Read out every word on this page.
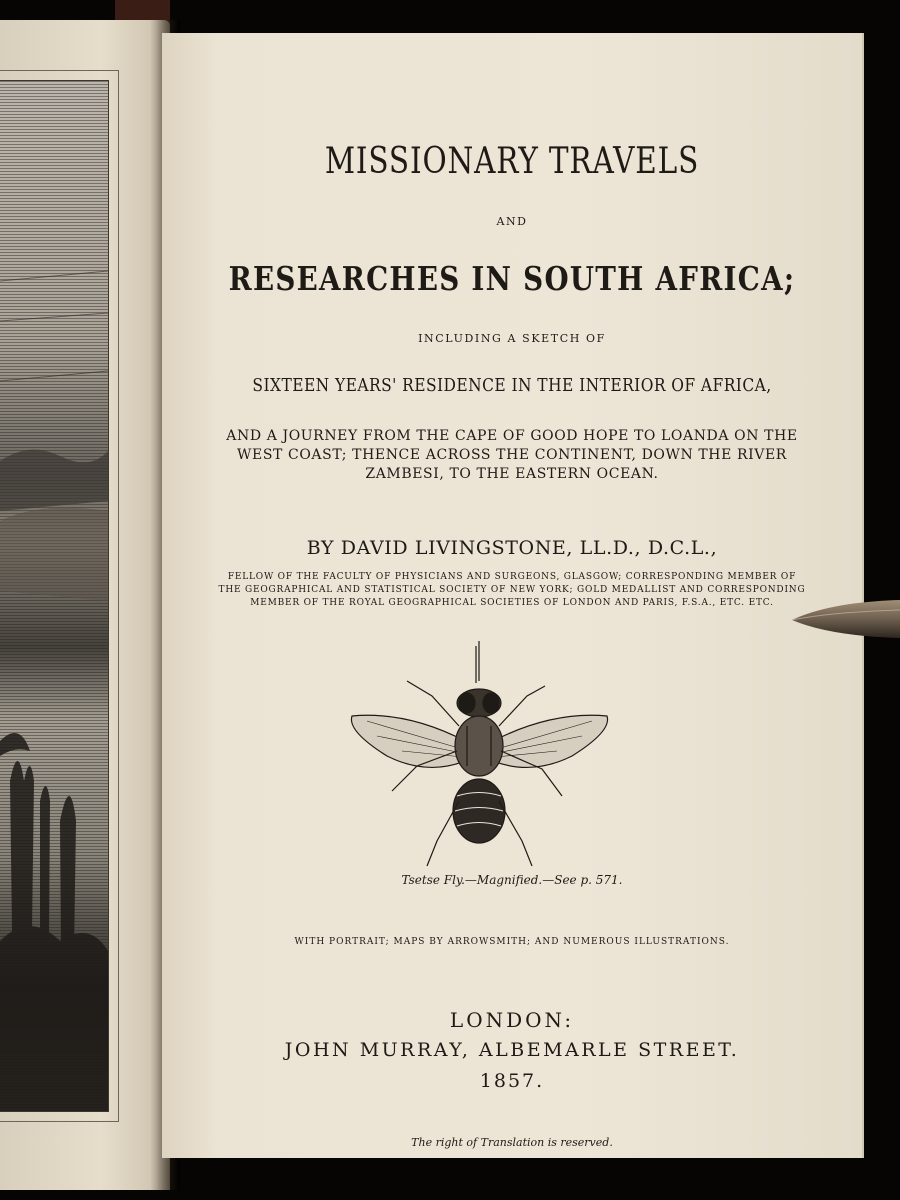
MISSIONARY TRAVELS

AND

RESEARCHES IN SOUTH AFRICA;

INCLUDING A SKETCH OF

SIXTEEN YEARS' RESIDENCE IN THE INTERIOR OF AFRICA,

AND A JOURNEY FROM THE CAPE OF GOOD HOPE TO LOANDA ON THE WEST COAST; THENCE ACROSS THE CONTINENT, DOWN THE RIVER ZAMBESI, TO THE EASTERN OCEAN.

BY DAVID LIVINGSTONE, LL.D., D.C.L.,

FELLOW OF THE FACULTY OF PHYSICIANS AND SURGEONS, GLASGOW; CORRESPONDING MEMBER OF THE GEOGRAPHICAL AND STATISTICAL SOCIETY OF NEW YORK; GOLD MEDALLIST AND CORRESPONDING MEMBER OF THE ROYAL GEOGRAPHICAL SOCIETIES OF LONDON AND PARIS, F.S.A., ETC. ETC.

Tsetse Fly.—Magnified.—See p. 571.

WITH PORTRAIT; MAPS BY ARROWSMITH; AND NUMEROUS ILLUSTRATIONS.

LONDON:

JOHN MURRAY, ALBEMARLE STREET.

1857.

The right of Translation is reserved.
